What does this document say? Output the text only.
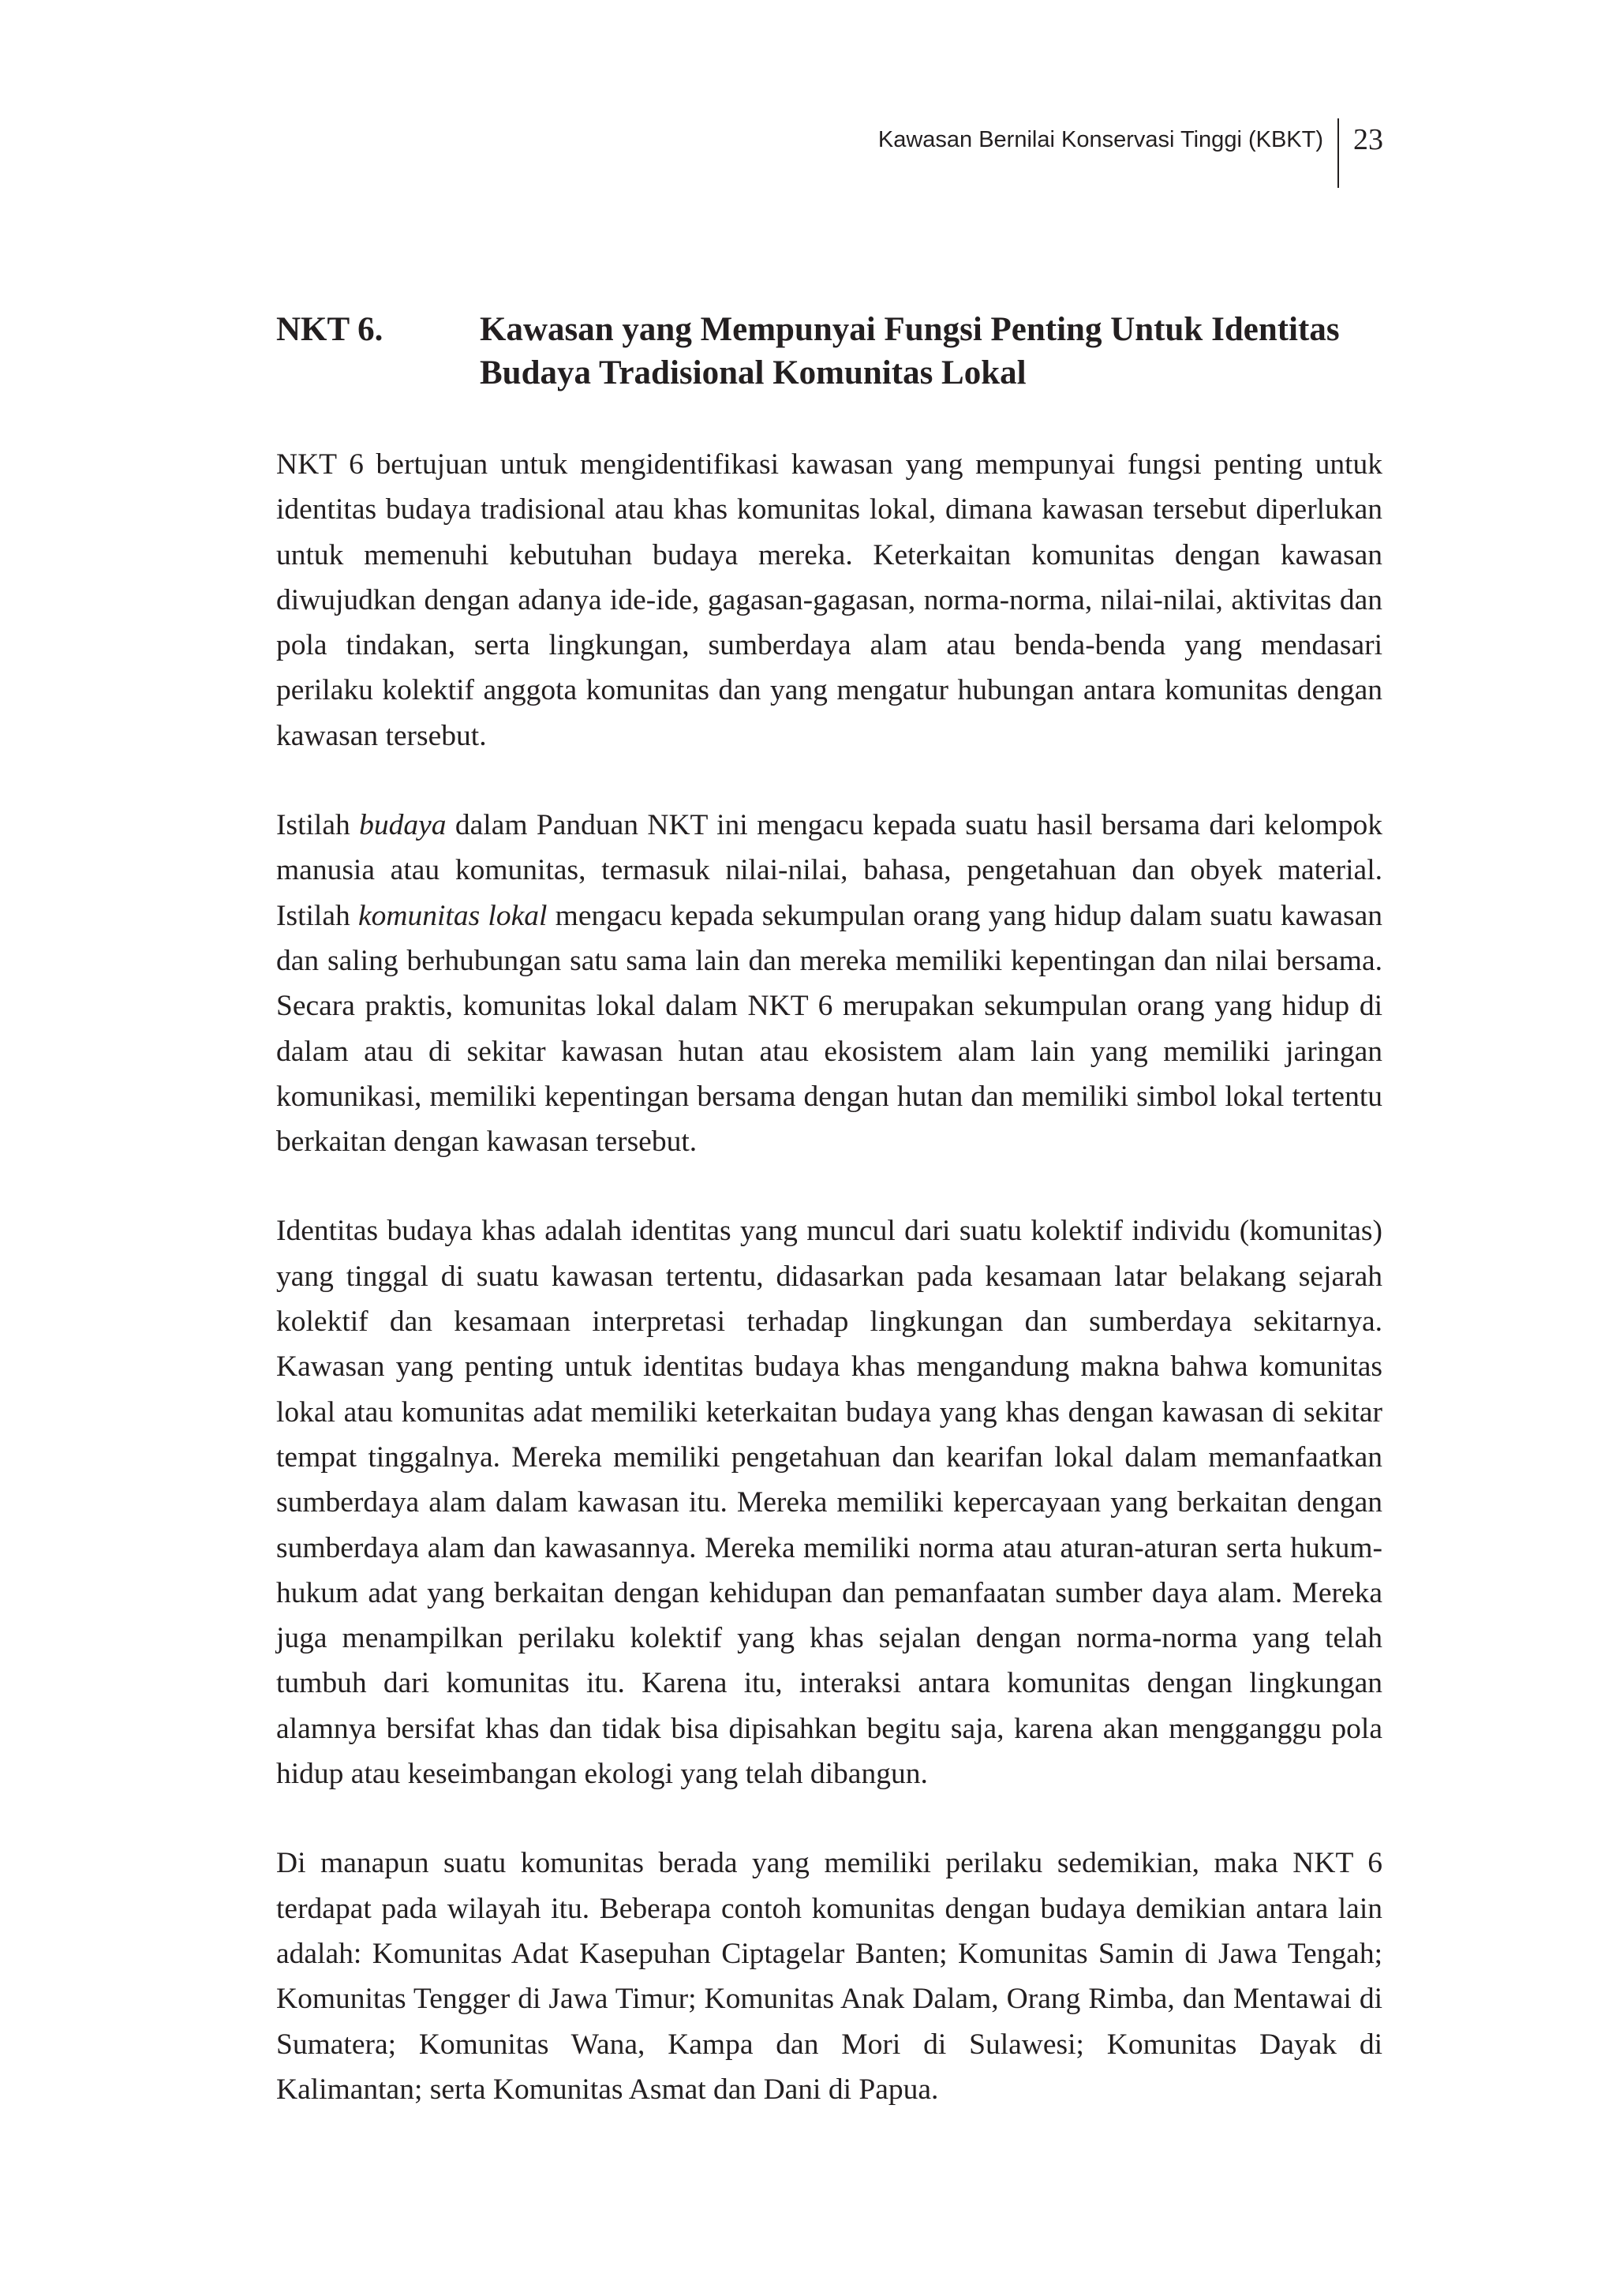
Kawasan Bernilai Konservasi Tinggi (KBKT) 23
NKT 6.	Kawasan yang Mempunyai Fungsi Penting Untuk Identitas Budaya Tradisional Komunitas Lokal

NKT 6 bertujuan untuk mengidentifikasi kawasan yang mempunyai fungsi penting untuk identitas budaya tradisional atau khas komunitas lokal, dimana kawasan tersebut diperlukan untuk memenuhi kebutuhan budaya mereka. Keterkaitan komunitas dengan kawasan diwujudkan dengan adanya ide-ide, gagasan-gagasan, norma-norma, nilai-nilai, aktivitas dan pola tindakan, serta lingkungan, sumberdaya alam atau benda-benda yang mendasari perilaku kolektif anggota komunitas dan yang mengatur hubungan antara komunitas dengan kawasan tersebut.

Istilah budaya dalam Panduan NKT ini mengacu kepada suatu hasil bersama dari kelompok manusia atau komunitas, termasuk nilai-nilai, bahasa, pengetahuan dan obyek material. Istilah komunitas lokal mengacu kepada sekumpulan orang yang hidup dalam suatu kawasan dan saling berhubungan satu sama lain dan mereka memiliki kepentingan dan nilai bersama. Secara praktis, komunitas lokal dalam NKT 6 merupakan sekumpulan orang yang hidup di dalam atau di sekitar kawasan hutan atau ekosistem alam lain yang memiliki jaringan komunikasi, memiliki kepentingan bersama dengan hutan dan memiliki simbol lokal tertentu berkaitan dengan kawasan tersebut.

Identitas budaya khas adalah identitas yang muncul dari suatu kolektif individu (komunitas) yang tinggal di suatu kawasan tertentu, didasarkan pada kesamaan latar belakang sejarah kolektif dan kesamaan interpretasi terhadap lingkungan dan sumberdaya sekitarnya. Kawasan yang penting untuk identitas budaya khas mengandung makna bahwa komunitas lokal atau komunitas adat memiliki keterkaitan budaya yang khas dengan kawasan di sekitar tempat tinggalnya. Mereka memiliki pengetahuan dan kearifan lokal dalam memanfaatkan sumberdaya alam dalam kawasan itu. Mereka memiliki kepercayaan yang berkaitan dengan sumberdaya alam dan kawasannya. Mereka memiliki norma atau aturan-aturan serta hukum-hukum adat yang berkaitan dengan kehidupan dan pemanfaatan sumber daya alam. Mereka juga menampilkan perilaku kolektif yang khas sejalan dengan norma-norma yang telah tumbuh dari komunitas itu. Karena itu, interaksi antara komunitas dengan lingkungan alamnya bersifat khas dan tidak bisa dipisahkan begitu saja, karena akan mengganggu pola hidup atau keseimbangan ekologi yang telah dibangun.

Di manapun suatu komunitas berada yang memiliki perilaku sedemikian, maka NKT 6 terdapat pada wilayah itu. Beberapa contoh komunitas dengan budaya demikian antara lain adalah: Komunitas Adat Kasepuhan Ciptagelar Banten; Komunitas Samin di Jawa Tengah; Komunitas Tengger di Jawa Timur; Komunitas Anak Dalam, Orang Rimba, dan Mentawai di Sumatera; Komunitas Wana, Kampa dan Mori di Sulawesi; Komunitas Dayak di Kalimantan; serta Komunitas Asmat dan Dani di Papua.
